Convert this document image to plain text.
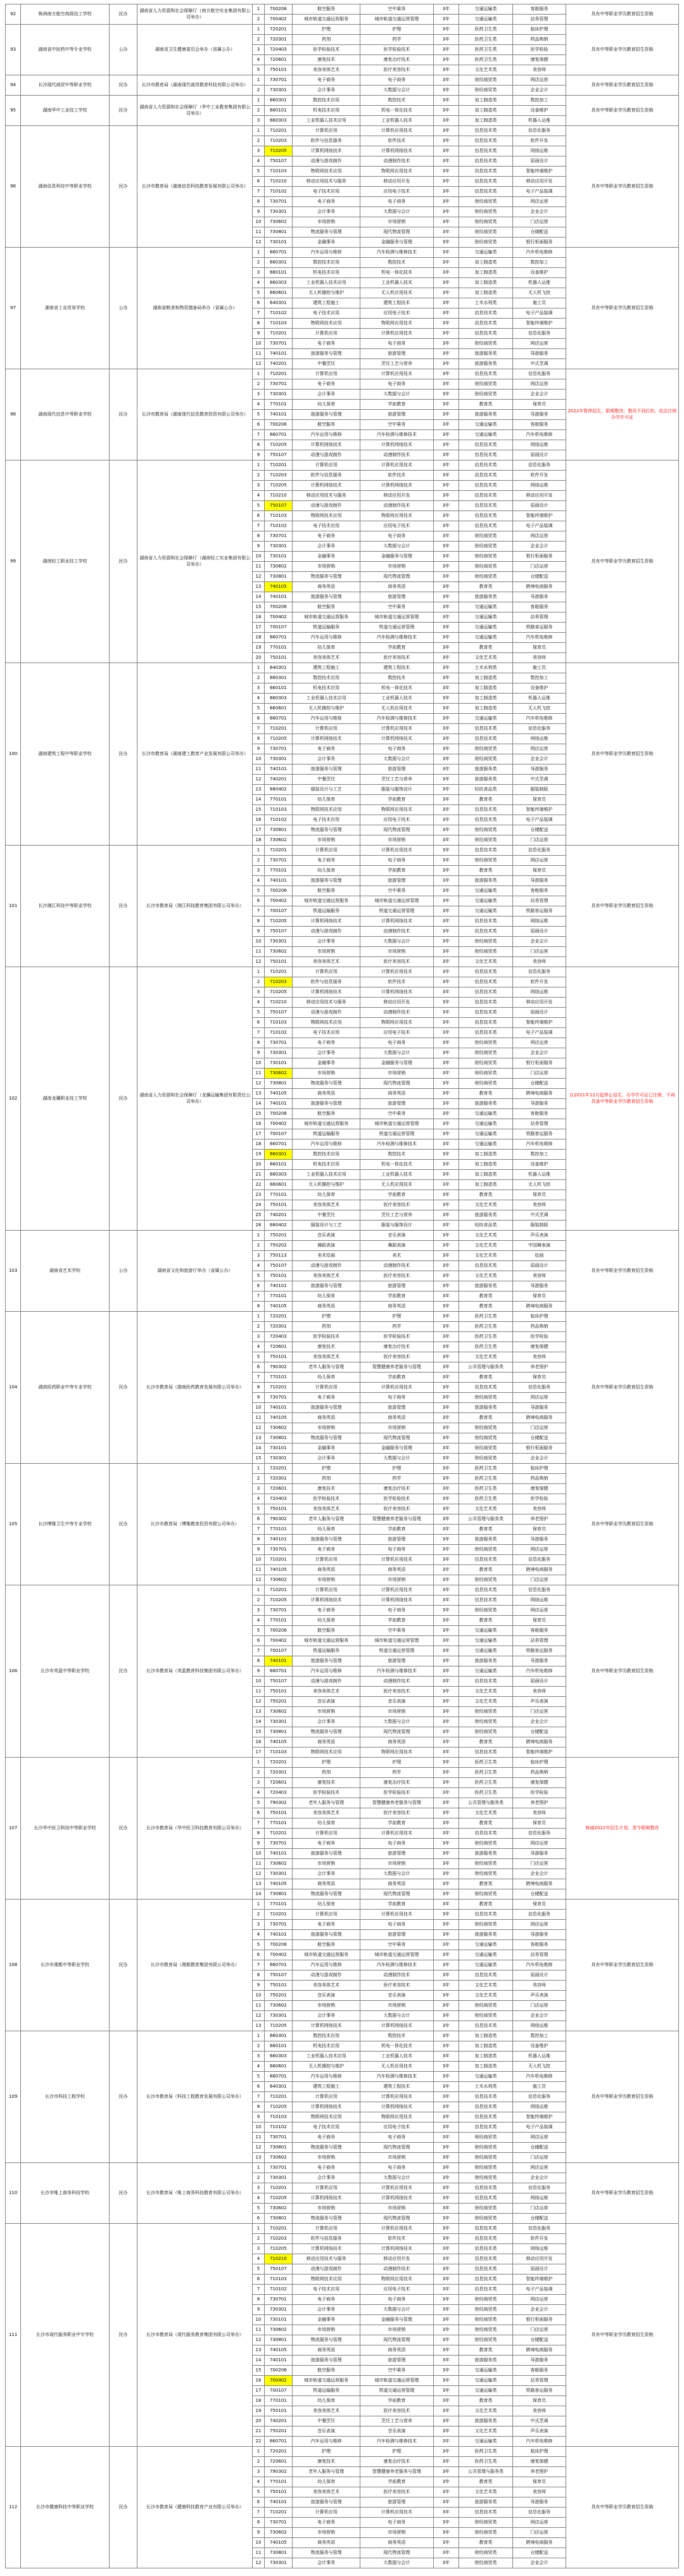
92	株洲南方航空高级技工学校	民办	湖南省人力资源和社会保障厅（南方航空实业集团有限公司举办）	1	700206	航空服务	空中乘务	3年	交通运输类	客舱服务	具有中等职业学历教育招生资格
				2	700402	城市轨道交通运营服务	城市轨道交通运营管理	3年	交通运输类	站务管理	
93	湖南省中医药中等专业学校	公办	湖南省卫生健康委员会举办（省属公办）	1	720201	护理	护理	3年	医药卫生类	临床护理	具有中等职业学历教育招生资格
				2	720301	药剂	药学	3年	医药卫生类	药品购销	
				3	720403	医学检验技术	医学检验技术	3年	医药卫生类	医学检验	
				4	720601	康复技术	康复治疗技术	3年	医药卫生类	康复保健	
				5	750101	美容美体艺术	医疗美容技术	3年	文化艺术类	美容师	
94	长沙现代商贸中等职业学校	民办	长沙市教育局（湖南现代商贸教育科技有限公司举办）	1	730701	电子商务	电子商务	3年	财经商贸类	网店运营	具有中等职业学历教育招生资格
				2	730301	会计事务	大数据与会计	3年	财经商贸类	企业会计	
95	湖南华中工业技工学校	民办	湖南省人力资源和社会保障厅（华中工业教育集团有限公司举办）	1	660301	数控技术应用	数控技术	3年	加工制造类	数控加工	具有中等职业学历教育招生资格
				2	660101	机电技术应用	机电一体化技术	3年	加工制造类	设备维护	
				3	660303	工业机器人技术应用	工业机器人技术	3年	加工制造类	机器人运维	
96	湖南信息科技中等职业学校	民办	长沙市教育局（湖南信息科技教育发展有限公司举办）	1	710201	计算机应用	计算机应用技术	3年	信息技术类	信息化服务	具有中等职业学历教育招生资格
				2	710203	软件与信息服务	软件技术	3年	信息技术类	软件开发	
				3	710205	计算机网络技术	计算机网络技术	3年	信息技术类	网络运维	
				4	750107	动漫与游戏制作	动漫制作技术	3年	信息技术类	原画设计	
				5	710103	物联网技术应用	物联网应用技术	3年	信息技术类	智能终端维护	
				6	710210	移动应用技术与服务	移动应用开发	3年	信息技术类	移动应用开发	
				7	710102	电子技术应用	应用电子技术	3年	信息技术类	电子产品装调	
				8	730701	电子商务	电子商务	3年	财经商贸类	网店运营	
				9	730301	会计事务	大数据与会计	3年	财经商贸类	企业会计	
				10	730602	市场营销	市场营销	3年	财经商贸类	门店运营	
				11	730801	物流服务与管理	现代物流管理	3年	财经商贸类	仓储配送	
				12	730101	金融事务	金融服务与管理	3年	财经商贸类	银行柜面服务	
97	湖南省工业贸易学校	公办	湖南省粮食和物资储备局举办（省属公办）	1	660701	汽车运用与维修	汽车检测与维修技术	3年	交通运输类	汽车机电维修	具有中等职业学历教育招生资格
				2	660301	数控技术应用	数控技术	3年	加工制造类	数控加工	
				3	660101	机电技术应用	机电一体化技术	3年	加工制造类	设备维护	
				4	660303	工业机器人技术应用	工业机器人技术	3年	加工制造类	机器人运维	
				5	660601	无人机操控与维护	无人机应用技术	3年	加工制造类	无人机飞控	
				6	640301	建筑工程施工	建筑工程技术	3年	土木水利类	施工员	
				7	710102	电子技术应用	应用电子技术	3年	信息技术类	电子产品装调	
				8	710103	物联网技术应用	物联网应用技术	3年	信息技术类	智能终端维护	
				9	710201	计算机应用	计算机应用技术	3年	信息技术类	信息化服务	
				10	730701	电子商务	电子商务	3年	财经商贸类	网店运营	
				11	740101	旅游服务与管理	旅游管理	3年	旅游服务类	导游服务	
				12	740201	中餐烹饪	烹饪工艺与营养	3年	旅游服务类	中式烹调	
98	湖南现代信息中等职业学校	民办	长沙市教育局（湖南现代信息教育投资有限公司举办）	1	710201	计算机应用	计算机应用技术	3年	信息技术类	信息化服务	2022年暂停招生，限期整改；整改不到位的，依法注销办学许可证
				2	730701	电子商务	电子商务	3年	财经商贸类	网店运营	
				3	730301	会计事务	大数据与会计	3年	财经商贸类	企业会计	
				4	770101	幼儿保育	学前教育	3年	教育类	保育员	
				5	740101	旅游服务与管理	旅游管理	3年	旅游服务类	导游服务	
				6	700206	航空服务	空中乘务	3年	交通运输类	客舱服务	
				7	660701	汽车运用与维修	汽车检测与维修技术	3年	交通运输类	汽车机电维修	
				8	710205	计算机网络技术	计算机网络技术	3年	信息技术类	网络运维	
				9	750107	动漫与游戏制作	动漫制作技术	3年	信息技术类	原画设计	
99	湖南轻工职业技工学校	民办	湖南省人力资源和社会保障厅（湖南轻工实业集团有限公司举办）	1	710201	计算机应用	计算机应用技术	3年	信息技术类	信息化服务	具有中等职业学历教育招生资格
				2	710203	软件与信息服务	软件技术	3年	信息技术类	软件开发	
				3	710205	计算机网络技术	计算机网络技术	3年	信息技术类	网络运维	
				4	710210	移动应用技术与服务	移动应用开发	3年	信息技术类	移动应用开发	
				5	750107	动漫与游戏制作	动漫制作技术	3年	信息技术类	原画设计	
				6	710103	物联网技术应用	物联网应用技术	3年	信息技术类	智能终端维护	
				7	710102	电子技术应用	应用电子技术	3年	信息技术类	电子产品装调	
				8	730701	电子商务	电子商务	3年	财经商贸类	网店运营	
				9	730301	会计事务	大数据与会计	3年	财经商贸类	企业会计	
				10	730101	金融事务	金融服务与管理	3年	财经商贸类	银行柜面服务	
				11	730602	市场营销	市场营销	3年	财经商贸类	门店运营	
				12	730801	物流服务与管理	现代物流管理	3年	财经商贸类	仓储配送	
				13	740105	商务英语	商务英语	3年	教育类	跨境电商服务	
				14	740101	旅游服务与管理	旅游管理	3年	旅游服务类	导游服务	
				15	700206	航空服务	空中乘务	3年	交通运输类	客舱服务	
				16	700402	城市轨道交通运营服务	城市轨道交通运营管理	3年	交通运输类	站务管理	
				17	700107	铁道运输服务	铁道交通运营管理	3年	交通运输类	铁路客运服务	
				18	660701	汽车运用与维修	汽车检测与维修技术	3年	交通运输类	汽车机电维修	
				19	770101	幼儿保育	学前教育	3年	教育类	保育员	
				20	750101	美容美体艺术	医疗美容技术	3年	文化艺术类	美容师	
100	湖南建筑工程中等职业学校	民办	长沙市教育局（湖南建工教育产业发展有限公司举办）	1	640301	建筑工程施工	建筑工程技术	3年	土木水利类	施工员	具有中等职业学历教育招生资格
				2	660301	数控技术应用	数控技术	3年	加工制造类	数控加工	
				3	660101	机电技术应用	机电一体化技术	3年	加工制造类	设备维护	
				4	660303	工业机器人技术应用	工业机器人技术	3年	加工制造类	机器人运维	
				5	660601	无人机操控与维护	无人机应用技术	3年	加工制造类	无人机飞控	
				6	660701	汽车运用与维修	汽车检测与维修技术	3年	交通运输类	汽车机电维修	
				7	710201	计算机应用	计算机应用技术	3年	信息技术类	信息化服务	
				8	710205	计算机网络技术	计算机网络技术	3年	信息技术类	网络运维	
				9	730701	电子商务	电子商务	3年	财经商贸类	网店运营	
				10	730301	会计事务	大数据与会计	3年	财经商贸类	企业会计	
				11	740101	旅游服务与管理	旅游管理	3年	旅游服务类	导游服务	
				12	740201	中餐烹饪	烹饪工艺与营养	3年	旅游服务类	中式烹调	
				13	680402	服装设计与工艺	服装与服饰设计	3年	轻纺食品类	服装制版	
				14	770101	幼儿保育	学前教育	3年	教育类	保育员	
				15	710103	物联网技术应用	物联网应用技术	3年	信息技术类	智能终端维护	
				16	710102	电子技术应用	应用电子技术	3年	信息技术类	电子产品装调	
				17	730801	物流服务与管理	现代物流管理	3年	财经商贸类	仓储配送	
				18	730602	市场营销	市场营销	3年	财经商贸类	门店运营	
101	长沙湘江科技中等职业学校	民办	长沙市教育局（湘江科技教育集团有限公司举办）	1	710201	计算机应用	计算机应用技术	3年	信息技术类	信息化服务	具有中等职业学历教育招生资格
				2	730701	电子商务	电子商务	3年	财经商贸类	网店运营	
				3	770101	幼儿保育	学前教育	3年	教育类	保育员	
				4	740101	旅游服务与管理	旅游管理	3年	旅游服务类	导游服务	
				5	700206	航空服务	空中乘务	3年	交通运输类	客舱服务	
				6	700402	城市轨道交通运营服务	城市轨道交通运营管理	3年	交通运输类	站务管理	
				7	700107	铁道运输服务	铁道交通运营管理	3年	交通运输类	铁路客运服务	
				8	710205	计算机网络技术	计算机网络技术	3年	信息技术类	网络运维	
				9	750107	动漫与游戏制作	动漫制作技术	3年	信息技术类	原画设计	
				10	730301	会计事务	大数据与会计	3年	财经商贸类	企业会计	
				11	730602	市场营销	市场营销	3年	财经商贸类	门店运营	
				12	750101	美容美体艺术	医疗美容技术	3年	文化艺术类	美容师	
102	湖南龙骧职业技工学校	民办	湖南省人力资源和社会保障厅（龙骧运输集团有限责任公司举办）	1	710201	计算机应用	计算机应用技术	3年	信息技术类	信息化服务	自2021年12月起停止招生，办学许可证已注销，不再具备中等职业学历教育招生资格
				2	710203	软件与信息服务	软件技术	3年	信息技术类	软件开发	
				3	710205	计算机网络技术	计算机网络技术	3年	信息技术类	网络运维	
				4	710210	移动应用技术与服务	移动应用开发	3年	信息技术类	移动应用开发	
				5	750107	动漫与游戏制作	动漫制作技术	3年	信息技术类	原画设计	
				6	710103	物联网技术应用	物联网应用技术	3年	信息技术类	智能终端维护	
				7	710102	电子技术应用	应用电子技术	3年	信息技术类	电子产品装调	
				8	730701	电子商务	电子商务	3年	财经商贸类	网店运营	
				9	730301	会计事务	大数据与会计	3年	财经商贸类	企业会计	
				10	730101	金融事务	金融服务与管理	3年	财经商贸类	银行柜面服务	
				11	730602	市场营销	市场营销	3年	财经商贸类	门店运营	
				12	730801	物流服务与管理	现代物流管理	3年	财经商贸类	仓储配送	
				13	740105	商务英语	商务英语	3年	教育类	跨境电商服务	
				14	740101	旅游服务与管理	旅游管理	3年	旅游服务类	导游服务	
				15	700206	航空服务	空中乘务	3年	交通运输类	客舱服务	
				16	700402	城市轨道交通运营服务	城市轨道交通运营管理	3年	交通运输类	站务管理	
				17	700107	铁道运输服务	铁道交通运营管理	3年	交通运输类	铁路客运服务	
				18	660701	汽车运用与维修	汽车检测与维修技术	3年	交通运输类	汽车机电维修	
				19	660301	数控技术应用	数控技术	3年	加工制造类	数控加工	
				20	660101	机电技术应用	机电一体化技术	3年	加工制造类	设备维护	
				21	660303	工业机器人技术应用	工业机器人技术	3年	加工制造类	机器人运维	
				22	660601	无人机操控与维护	无人机应用技术	3年	加工制造类	无人机飞控	
				23	770101	幼儿保育	学前教育	3年	教育类	保育员	
				24	750101	美容美体艺术	医疗美容技术	3年	文化艺术类	美容师	
				25	740201	中餐烹饪	烹饪工艺与营养	3年	旅游服务类	中式烹调	
				26	680402	服装设计与工艺	服装与服饰设计	3年	轻纺食品类	服装制版	
103	湖南省艺术学校	公办	湖南省文化和旅游厅举办（省属公办）	1	750201	音乐表演	音乐表演	3年	文化艺术类	声乐表演	具有中等职业学历教育招生资格
				2	750202	舞蹈表演	舞蹈表演	3年	文化艺术类	中国舞表演	
				3	750113	美术绘画	美术	3年	文化艺术类	绘画	
				4	750107	动漫与游戏制作	动漫制作技术	3年	信息技术类	原画设计	
				5	750101	美容美体艺术	医疗美容技术	3年	文化艺术类	美容师	
				6	740101	旅游服务与管理	旅游管理	3年	旅游服务类	导游服务	
				7	770101	幼儿保育	学前教育	3年	教育类	保育员	
				8	740105	商务英语	商务英语	3年	教育类	跨境电商服务	
104	湖南医药职业中等专业学校	民办	长沙市教育局（湖南医药教育发展有限公司举办）	1	720201	护理	护理	3年	医药卫生类	临床护理	具有中等职业学历教育招生资格
				2	720301	药剂	药学	3年	医药卫生类	药品购销	
				3	720403	医学检验技术	医学检验技术	3年	医药卫生类	医学检验	
				4	720601	康复技术	康复治疗技术	3年	医药卫生类	康复保健	
				5	750101	美容美体艺术	医疗美容技术	3年	文化艺术类	美容师	
				6	790302	老年人服务与管理	智慧健康养老服务与管理	3年	公共管理与服务类	养老照护	
				7	770101	幼儿保育	学前教育	3年	教育类	保育员	
				8	710201	计算机应用	计算机应用技术	3年	信息技术类	信息化服务	
				9	730701	电子商务	电子商务	3年	财经商贸类	网店运营	
				10	740101	旅游服务与管理	旅游管理	3年	旅游服务类	导游服务	
				11	740105	商务英语	商务英语	3年	教育类	跨境电商服务	
				12	730602	市场营销	市场营销	3年	财经商贸类	门店运营	
				13	730801	物流服务与管理	现代物流管理	3年	财经商贸类	仓储配送	
				14	730101	金融事务	金融服务与管理	3年	财经商贸类	银行柜面服务	
				15	730301	会计事务	大数据与会计	3年	财经商贸类	企业会计	
105	长沙博雅卫生中等专业学校	民办	长沙市教育局（博雅教育投资有限公司举办）	1	720201	护理	护理	3年	医药卫生类	临床护理	具有中等职业学历教育招生资格
				2	720301	药剂	药学	3年	医药卫生类	药品购销	
				3	720601	康复技术	康复治疗技术	3年	医药卫生类	康复保健	
				4	720403	医学检验技术	医学检验技术	3年	医药卫生类	医学检验	
				5	750101	美容美体艺术	医疗美容技术	3年	文化艺术类	美容师	
				6	790302	老年人服务与管理	智慧健康养老服务与管理	3年	公共管理与服务类	养老照护	
				7	770101	幼儿保育	学前教育	3年	教育类	保育员	
				8	740101	旅游服务与管理	旅游管理	3年	旅游服务类	导游服务	
				9	730701	电子商务	电子商务	3年	财经商贸类	网店运营	
				10	710201	计算机应用	计算机应用技术	3年	信息技术类	信息化服务	
				11	740105	商务英语	商务英语	3年	教育类	跨境电商服务	
				12	730602	市场营销	市场营销	3年	财经商贸类	门店运营	
106	长沙市英蓝中等职业学校	民办	长沙市教育局（英蓝教育科技集团有限公司举办）	1	710201	计算机应用	计算机应用技术	3年	信息技术类	信息化服务	具有中等职业学历教育招生资格
				2	710205	计算机网络技术	计算机网络技术	3年	信息技术类	网络运维	
				3	730701	电子商务	电子商务	3年	财经商贸类	网店运营	
				4	770101	幼儿保育	学前教育	3年	教育类	保育员	
				5	700206	航空服务	空中乘务	3年	交通运输类	客舱服务	
				6	700402	城市轨道交通运营服务	城市轨道交通运营管理	3年	交通运输类	站务管理	
				7	700107	铁道运输服务	铁道交通运营管理	3年	交通运输类	铁路客运服务	
				8	740101	旅游服务与管理	旅游管理	3年	旅游服务类	导游服务	
				9	660701	汽车运用与维修	汽车检测与维修技术	3年	交通运输类	汽车机电维修	
				10	750107	动漫与游戏制作	动漫制作技术	3年	信息技术类	原画设计	
				11	750101	美容美体艺术	医疗美容技术	3年	文化艺术类	美容师	
				12	750201	音乐表演	音乐表演	3年	文化艺术类	声乐表演	
				13	730602	市场营销	市场营销	3年	财经商贸类	门店运营	
				14	730301	会计事务	大数据与会计	3年	财经商贸类	企业会计	
				15	730801	物流服务与管理	现代物流管理	3年	财经商贸类	仓储配送	
				16	740105	商务英语	商务英语	3年	教育类	跨境电商服务	
				17	710103	物联网技术应用	物联网应用技术	3年	信息技术类	智能终端维护	
107	长沙华中医卫科技中等职业学校	民办	长沙市教育局（华中医卫科技教育有限公司举办）	1	720201	护理	护理	3年	医药卫生类	临床护理	核减2022年招生计划，责令限期整改
				2	720301	药剂	药学	3年	医药卫生类	药品购销	
				3	720601	康复技术	康复治疗技术	3年	医药卫生类	康复保健	
				4	720403	医学检验技术	医学检验技术	3年	医药卫生类	医学检验	
				5	790302	老年人服务与管理	智慧健康养老服务与管理	3年	公共管理与服务类	养老照护	
				6	750101	美容美体艺术	医疗美容技术	3年	文化艺术类	美容师	
				7	770101	幼儿保育	学前教育	3年	教育类	保育员	
				8	710201	计算机应用	计算机应用技术	3年	信息技术类	信息化服务	
				9	730701	电子商务	电子商务	3年	财经商贸类	网店运营	
				10	740101	旅游服务与管理	旅游管理	3年	旅游服务类	导游服务	
				11	730602	市场营销	市场营销	3年	财经商贸类	门店运营	
				12	730301	会计事务	大数据与会计	3年	财经商贸类	企业会计	
				13	740105	商务英语	商务英语	3年	教育类	跨境电商服务	
				14	730801	物流服务与管理	现代物流管理	3年	财经商贸类	仓储配送	
108	长沙市湘都中等职业学校	民办	长沙市教育局（湘都教育集团有限公司举办）	1	770101	幼儿保育	学前教育	3年	教育类	保育员	具有中等职业学历教育招生资格
				2	710201	计算机应用	计算机应用技术	3年	信息技术类	信息化服务	
				3	730701	电子商务	电子商务	3年	财经商贸类	网店运营	
				4	740101	旅游服务与管理	旅游管理	3年	旅游服务类	导游服务	
				5	700206	航空服务	空中乘务	3年	交通运输类	客舱服务	
				6	700402	城市轨道交通运营服务	城市轨道交通运营管理	3年	交通运输类	站务管理	
				7	660701	汽车运用与维修	汽车检测与维修技术	3年	交通运输类	汽车机电维修	
				8	750107	动漫与游戏制作	动漫制作技术	3年	信息技术类	原画设计	
				9	750101	美容美体艺术	医疗美容技术	3年	文化艺术类	美容师	
				10	750201	音乐表演	音乐表演	3年	文化艺术类	声乐表演	
				11	730602	市场营销	市场营销	3年	财经商贸类	门店运营	
				12	730301	会计事务	大数据与会计	3年	财经商贸类	企业会计	
				13	710205	计算机网络技术	计算机网络技术	3年	信息技术类	网络运维	
109	长沙市科技工程学校	民办	长沙市教育局（科技工程教育发展有限公司举办）	1	660301	数控技术应用	数控技术	3年	加工制造类	数控加工	具有中等职业学历教育招生资格
				2	660101	机电技术应用	机电一体化技术	3年	加工制造类	设备维护	
				3	660303	工业机器人技术应用	工业机器人技术	3年	加工制造类	机器人运维	
				4	660601	无人机操控与维护	无人机应用技术	3年	加工制造类	无人机飞控	
				5	660701	汽车运用与维修	汽车检测与维修技术	3年	交通运输类	汽车机电维修	
				6	640301	建筑工程施工	建筑工程技术	3年	土木水利类	施工员	
				7	710201	计算机应用	计算机应用技术	3年	信息技术类	信息化服务	
				8	710205	计算机网络技术	计算机网络技术	3年	信息技术类	网络运维	
				9	710103	物联网技术应用	物联网应用技术	3年	信息技术类	智能终端维护	
				10	710102	电子技术应用	应用电子技术	3年	信息技术类	电子产品装调	
				11	730701	电子商务	电子商务	3年	财经商贸类	网店运营	
				12	730801	物流服务与管理	现代物流管理	3年	财经商贸类	仓储配送	
				13	730602	市场营销	市场营销	3年	财经商贸类	门店运营	
110	长沙市唯上商务科技学校	民办	长沙市教育局（唯上商务科技教育有限公司举办）	1	730701	电子商务	电子商务	3年	财经商贸类	网店运营	具有中等职业学历教育招生资格
				2	730301	会计事务	大数据与会计	3年	财经商贸类	企业会计	
				3	710201	计算机应用	计算机应用技术	3年	信息技术类	信息化服务	
				4	710205	计算机网络技术	计算机网络技术	3年	信息技术类	网络运维	
				5	730602	市场营销	市场营销	3年	财经商贸类	门店运营	
				6	730801	物流服务与管理	现代物流管理	3年	财经商贸类	仓储配送	
111	长沙市现代服务职业中专学校	民办	长沙市教育局（现代服务教育集团有限公司举办）	1	710201	计算机应用	计算机应用技术	3年	信息技术类	信息化服务	具有中等职业学历教育招生资格
				2	710203	软件与信息服务	软件技术	3年	信息技术类	软件开发	
				3	710205	计算机网络技术	计算机网络技术	3年	信息技术类	网络运维	
				4	710210	移动应用技术与服务	移动应用开发	3年	信息技术类	移动应用开发	
				5	750107	动漫与游戏制作	动漫制作技术	3年	信息技术类	原画设计	
				6	710103	物联网技术应用	物联网应用技术	3年	信息技术类	智能终端维护	
				7	710102	电子技术应用	应用电子技术	3年	信息技术类	电子产品装调	
				8	730701	电子商务	电子商务	3年	财经商贸类	网店运营	
				9	730301	会计事务	大数据与会计	3年	财经商贸类	企业会计	
				10	730101	金融事务	金融服务与管理	3年	财经商贸类	银行柜面服务	
				11	730602	市场营销	市场营销	3年	财经商贸类	门店运营	
				12	730801	物流服务与管理	现代物流管理	3年	财经商贸类	仓储配送	
				13	740105	商务英语	商务英语	3年	教育类	跨境电商服务	
				14	740101	旅游服务与管理	旅游管理	3年	旅游服务类	导游服务	
				15	700206	航空服务	空中乘务	3年	交通运输类	客舱服务	
				16	700402	城市轨道交通运营服务	城市轨道交通运营管理	3年	交通运输类	站务管理	
				17	700107	铁道运输服务	铁道交通运营管理	3年	交通运输类	铁路客运服务	
				18	770101	幼儿保育	学前教育	3年	教育类	保育员	
				19	750101	美容美体艺术	医疗美容技术	3年	文化艺术类	美容师	
				20	740201	中餐烹饪	烹饪工艺与营养	3年	旅游服务类	中式烹调	
				21	750201	音乐表演	音乐表演	3年	文化艺术类	声乐表演	
				22	660701	汽车运用与维修	汽车检测与维修技术	3年	交通运输类	汽车机电维修	
112	长沙市健康科技中等职业学校	民办	长沙市教育局（健康科技教育产业有限公司举办）	1	720201	护理	护理	3年	医药卫生类	临床护理	具有中等职业学历教育招生资格
				2	720601	康复技术	康复治疗技术	3年	医药卫生类	康复保健	
				3	790302	老年人服务与管理	智慧健康养老服务与管理	3年	公共管理与服务类	养老照护	
				4	770101	幼儿保育	学前教育	3年	教育类	保育员	
				5	750101	美容美体艺术	医疗美容技术	3年	文化艺术类	美容师	
				6	740101	旅游服务与管理	旅游管理	3年	旅游服务类	导游服务	
				7	710201	计算机应用	计算机应用技术	3年	信息技术类	信息化服务	
				8	730701	电子商务	电子商务	3年	财经商贸类	网店运营	
				9	730602	市场营销	市场营销	3年	财经商贸类	门店运营	
				10	740105	商务英语	商务英语	3年	教育类	跨境电商服务	
				11	730801	物流服务与管理	现代物流管理	3年	财经商贸类	仓储配送	
				12	730301	会计事务	大数据与会计	3年	财经商贸类	企业会计	
